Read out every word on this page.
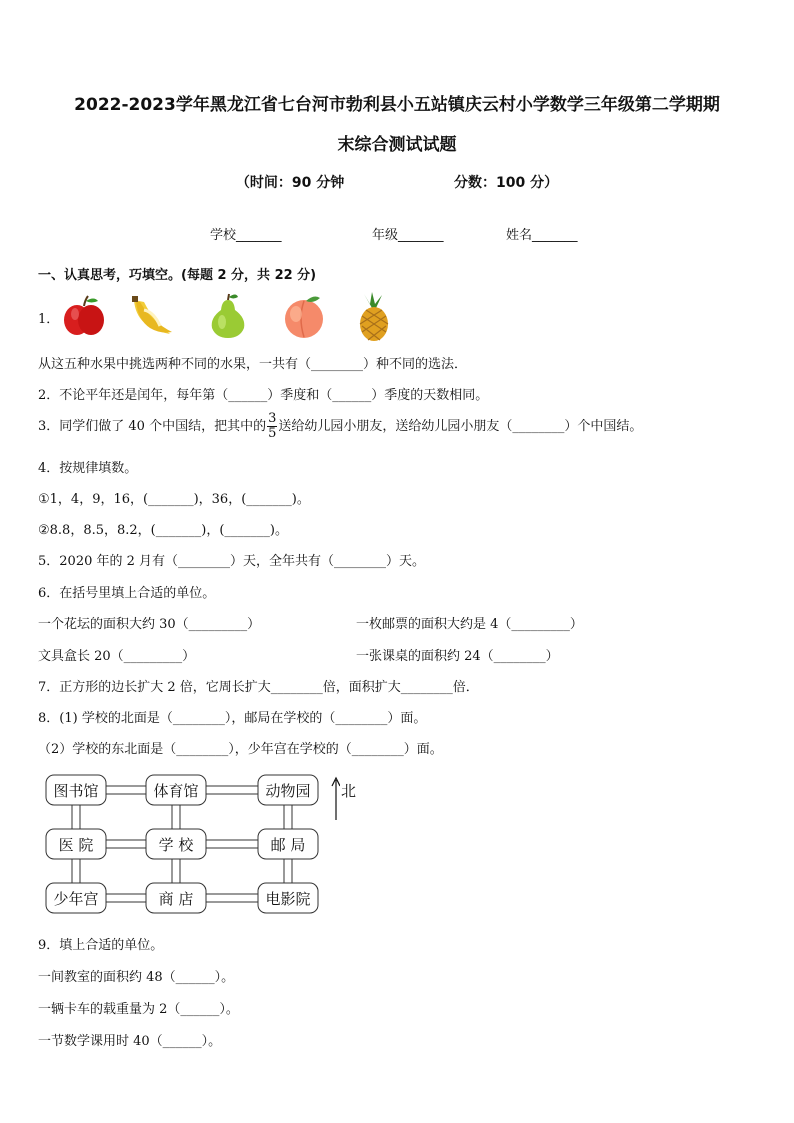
2022-2023学年黑龙江省七台河市勃利县小五站镇庆云村小学数学三年级第二学期期
末综合测试试题
（时间：90 分钟	分数：100 分）
学校_______	年级_______	姓名_______
一、认真思考，巧填空。(每题 2 分，共 22 分)
1．
从这五种水果中挑选两种不同的水果，一共有（________）种不同的选法．
2．不论平年还是闰年，每年第（______）季度和（______）季度的天数相同。
3．同学们做了 40 个中国结，把其中的 $\frac{3}{5}$ 送给幼儿园小朋友，送给幼儿园小朋友（________）个中国结。
4．按规律填数。
①1，4，9，16，(_______)，36，(_______)。
②8.8，8.5，8.2，(_______)，(_______)。
5．2020 年的 2 月有（________）天，全年共有（________）天。
6．在括号里填上合适的单位。
一个花坛的面积大约 30（_________）	一枚邮票的面积大约是 4（_________）
文具盒长 20（_________）	一张课桌的面积约 24（________）
7．正方形的边长扩大 2 倍，它周长扩大________倍，面积扩大________倍．
8．(1) 学校的北面是（________），邮局在学校的（________）面。
（2）学校的东北面是（________），少年宫在学校的（________）面。
图书馆	体育馆	动物园
医 院	学 校	邮 局
少年宫	商 店	电影院
北
9．填上合适的单位。
一间教室的面积约 48（______）。
一辆卡车的载重量为 2（______）。
一节数学课用时 40（______）。
